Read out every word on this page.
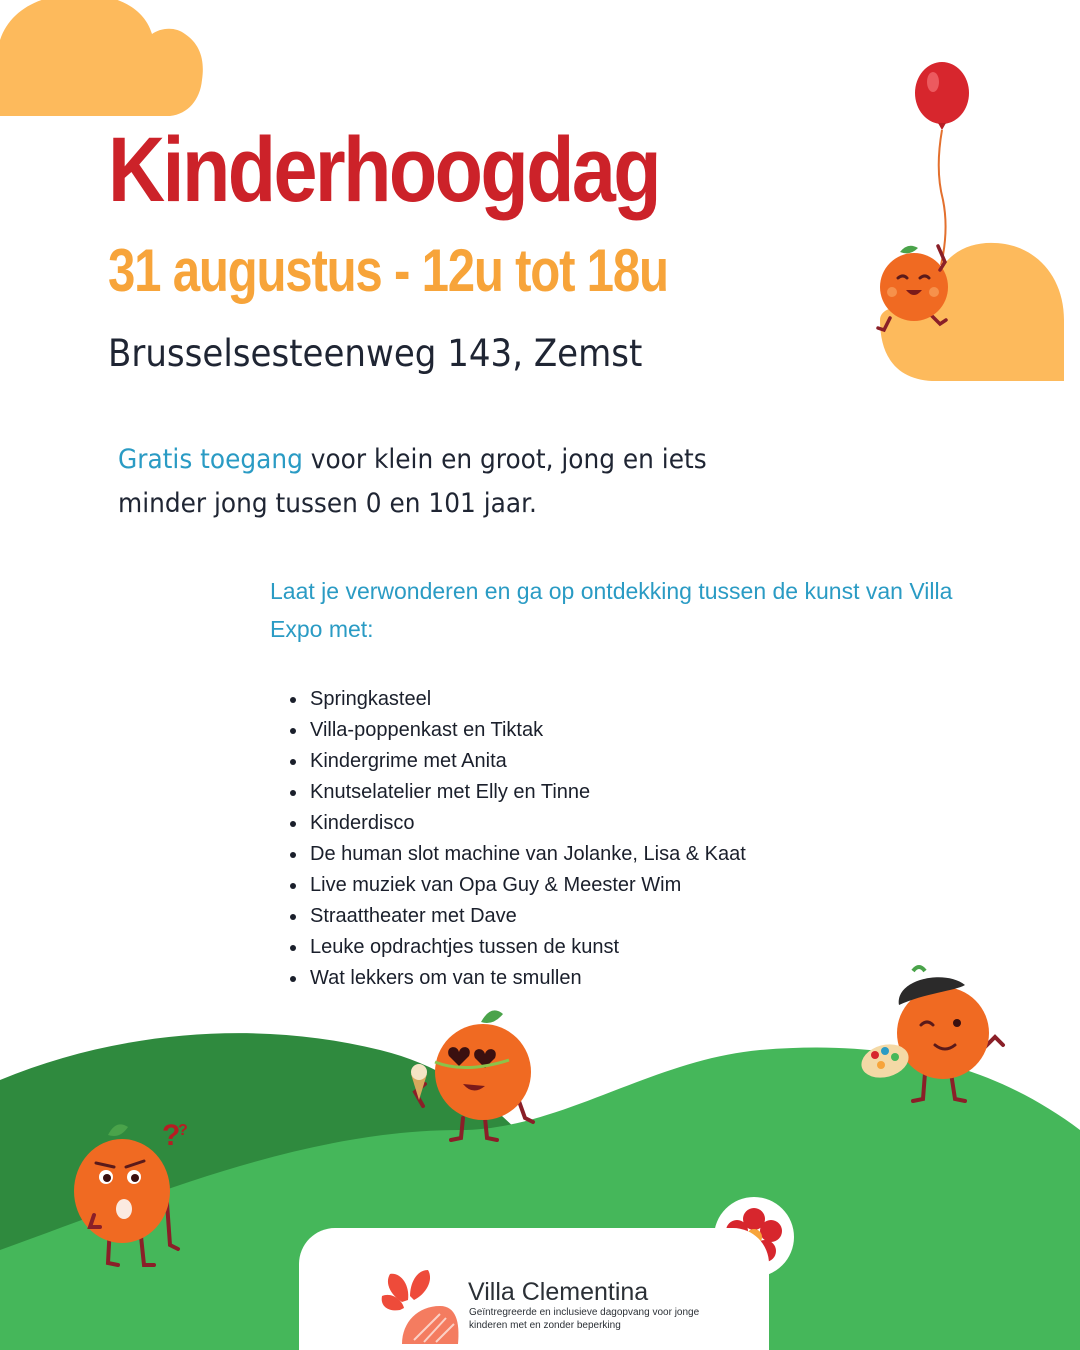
?
?
Kinderhoogdag
31 augustus - 12u tot 18u

Brusselsesteenweg 143, Zemst

Gratis toegang voor klein en groot, jong en iets minder jong tussen 0 en 101 jaar.

Laat je verwonderen en ga op ontdekking tussen de kunst van Villa Expo met:

Springkasteel
Villa-poppenkast en Tiktak
Kindergrime met Anita
Knutselatelier met Elly en Tinne
Kinderdisco
De human slot machine van Jolanke, Lisa & Kaat
Live muziek van Opa Guy & Meester Wim
Straattheater met Dave
Leuke opdrachtjes tussen de kunst
Wat lekkers om van te smullen

Villa Clementina

Geïntregreerde en inclusieve dagopvang voor jonge kinderen met en zonder beperking
